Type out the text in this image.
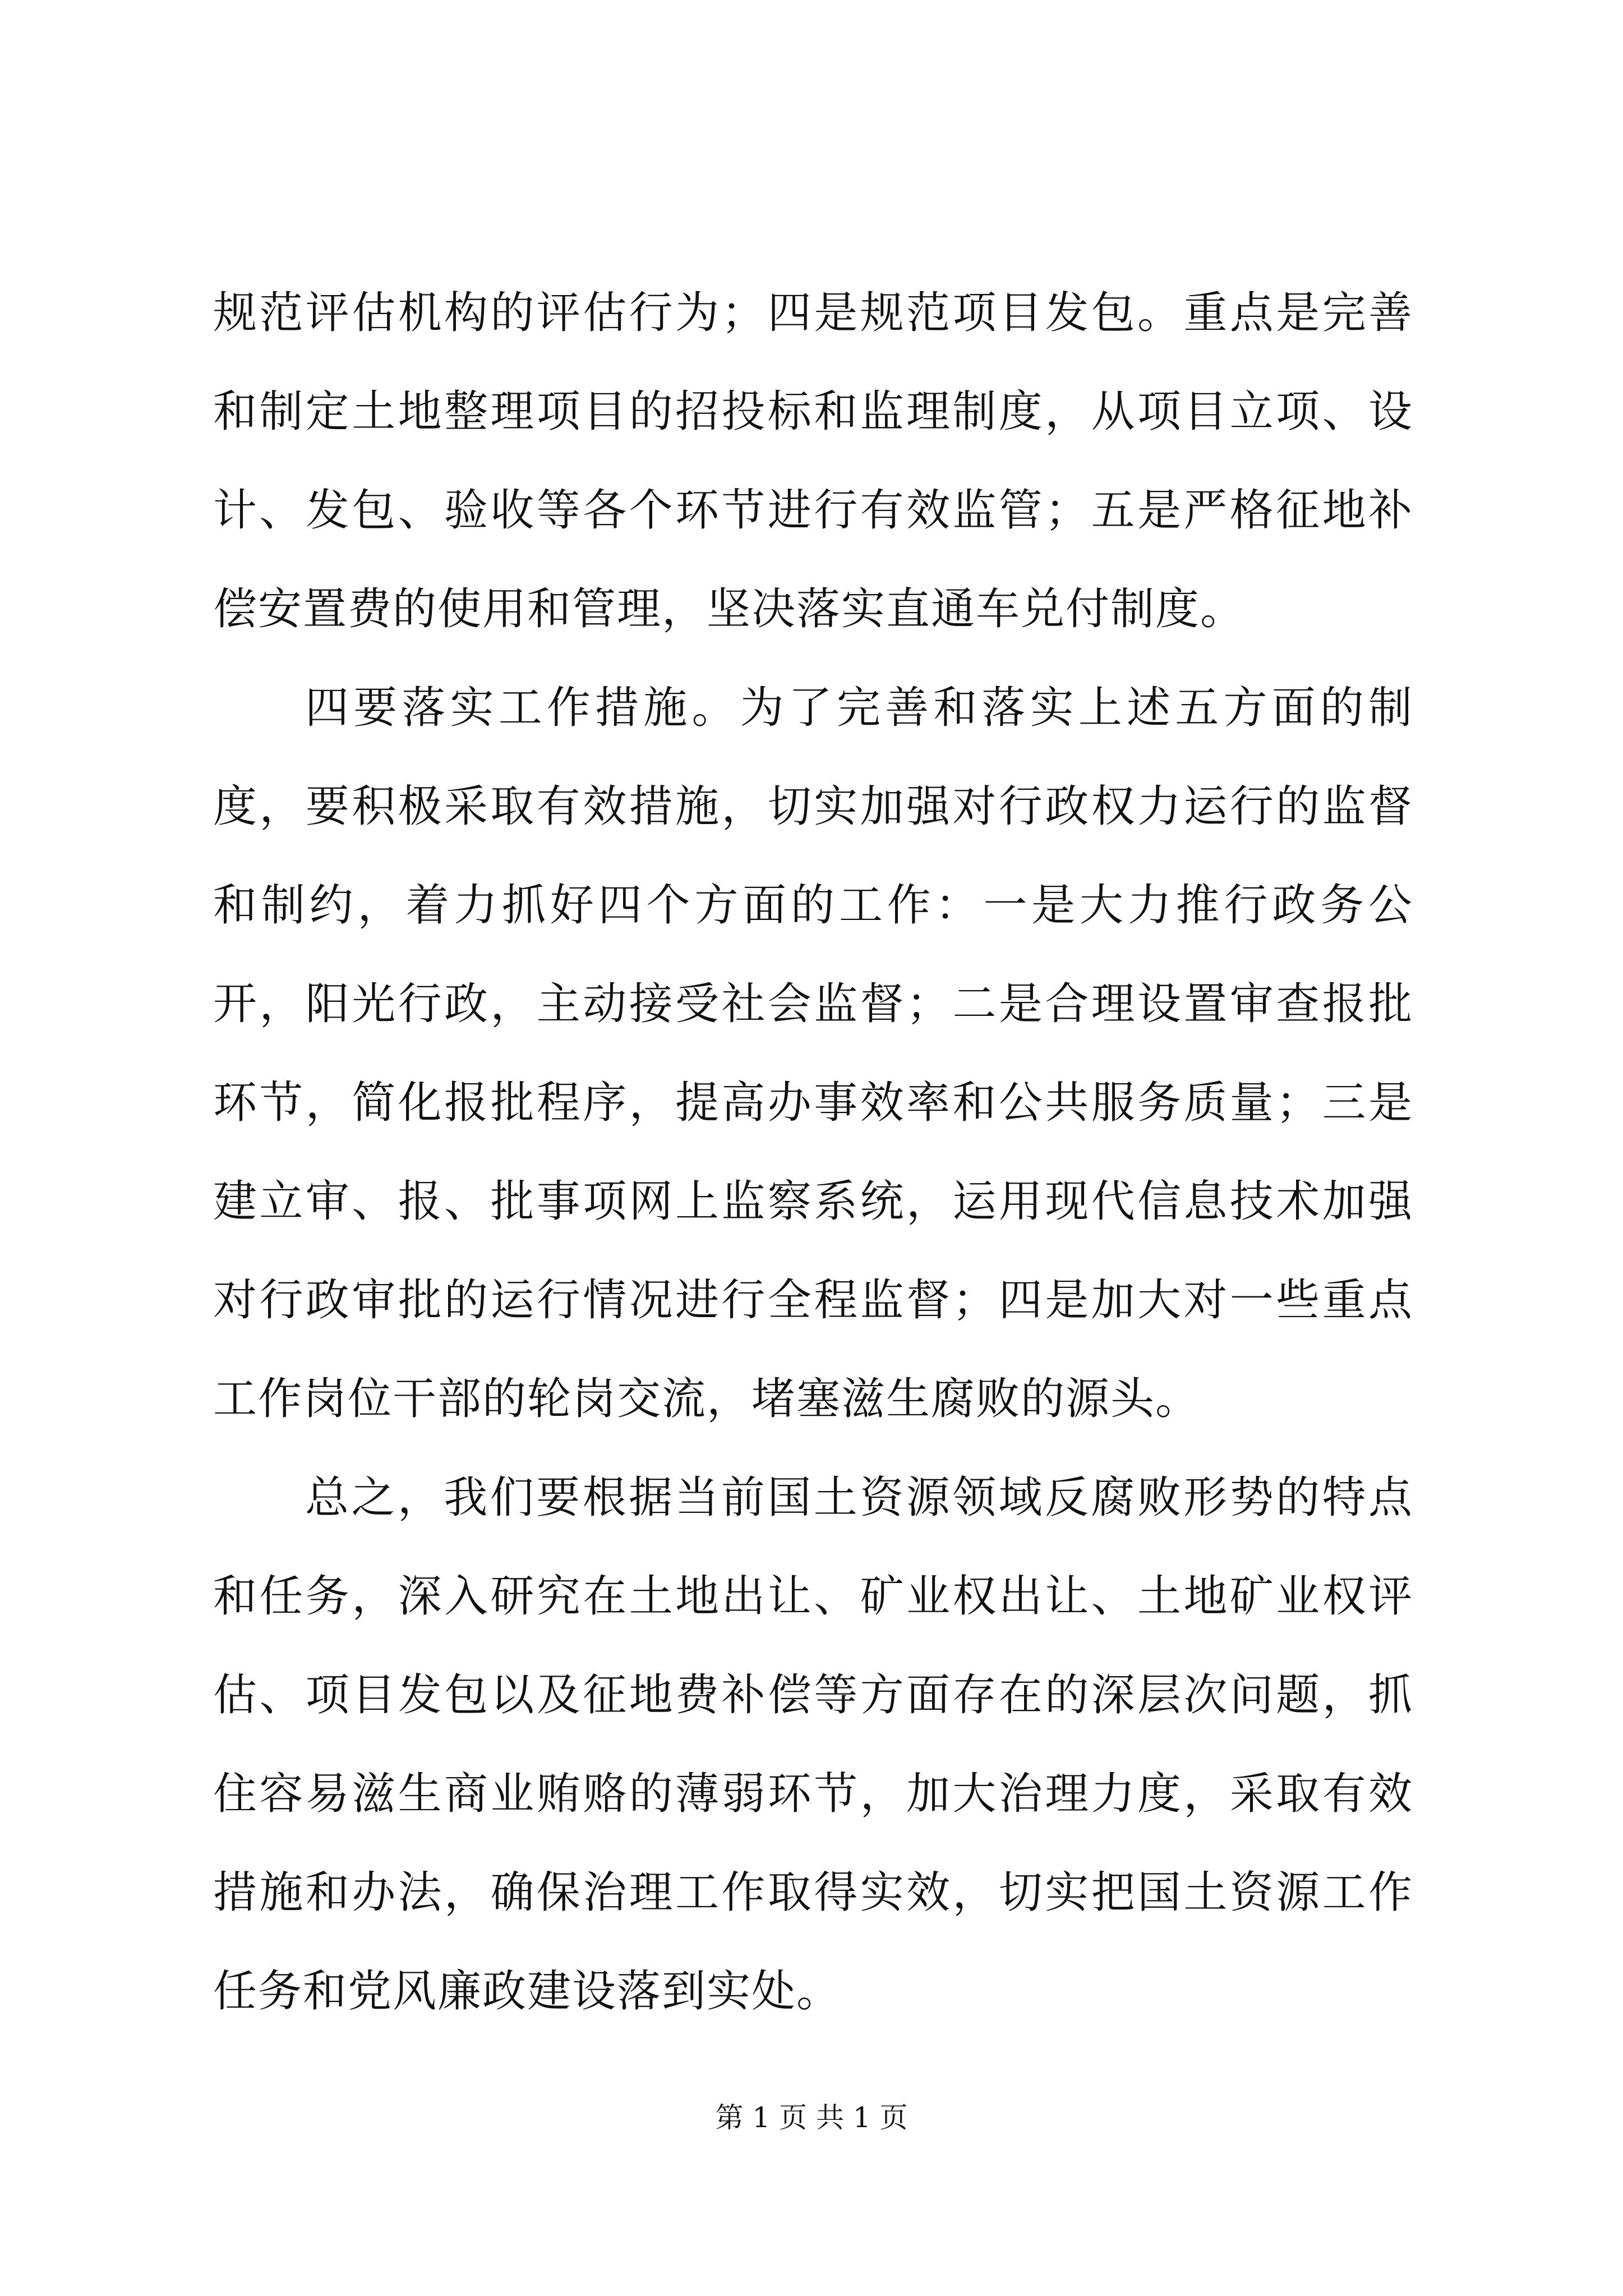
规范评估机构的评估行为；四是规范项目发包。重点是完善和制定土地整理项目的招投标和监理制度，从项目立项、设计、发包、验收等各个环节进行有效监管；五是严格征地补偿安置费的使用和管理，坚决落实直通车兑付制度。

四要落实工作措施。为了完善和落实上述五方面的制度，要积极采取有效措施，切实加强对行政权力运行的监督和制约，着力抓好四个方面的工作：一是大力推行政务公开，阳光行政，主动接受社会监督；二是合理设置审查报批环节，简化报批程序，提高办事效率和公共服务质量；三是建立审、报、批事项网上监察系统，运用现代信息技术加强对行政审批的运行情况进行全程监督；四是加大对一些重点工作岗位干部的轮岗交流，堵塞滋生腐败的源头。

总之，我们要根据当前国土资源领域反腐败形势的特点和任务，深入研究在土地出让、矿业权出让、土地矿业权评估、项目发包以及征地费补偿等方面存在的深层次问题，抓住容易滋生商业贿赂的薄弱环节，加大治理力度，采取有效措施和办法，确保治理工作取得实效，切实把国土资源工作任务和党风廉政建设落到实处。

第 1 页 共 1 页
